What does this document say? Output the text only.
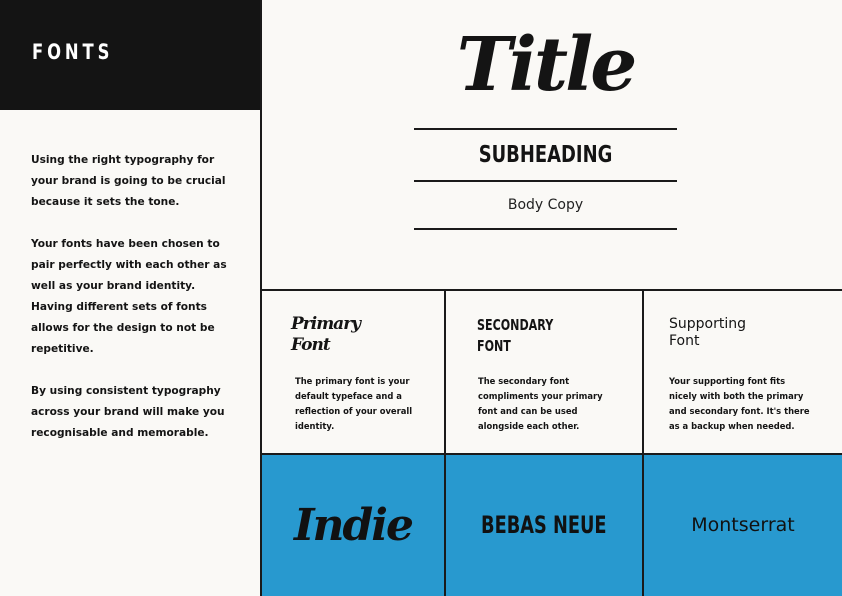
FONTS

Using the right typography for your brand is going to be crucial because it sets the tone.

Your fonts have been chosen to pair perfectly with each other as well as your brand identity. Having different sets of fonts allows for the design to not be repetitive.

By using consistent typography across your brand will make you recognisable and memorable.

Title
SUBHEADING
Body Copy
Primary
Font
SECONDARY
FONT
Supporting
Font
The primary font is your default typeface and a reflection of your overall identity.
The secondary font compliments your primary font and can be used alongside each other.
Your supporting font fits nicely with both the primary and secondary font. It's there as a backup when needed.
Indie	BEBAS NEUE	Montserrat
